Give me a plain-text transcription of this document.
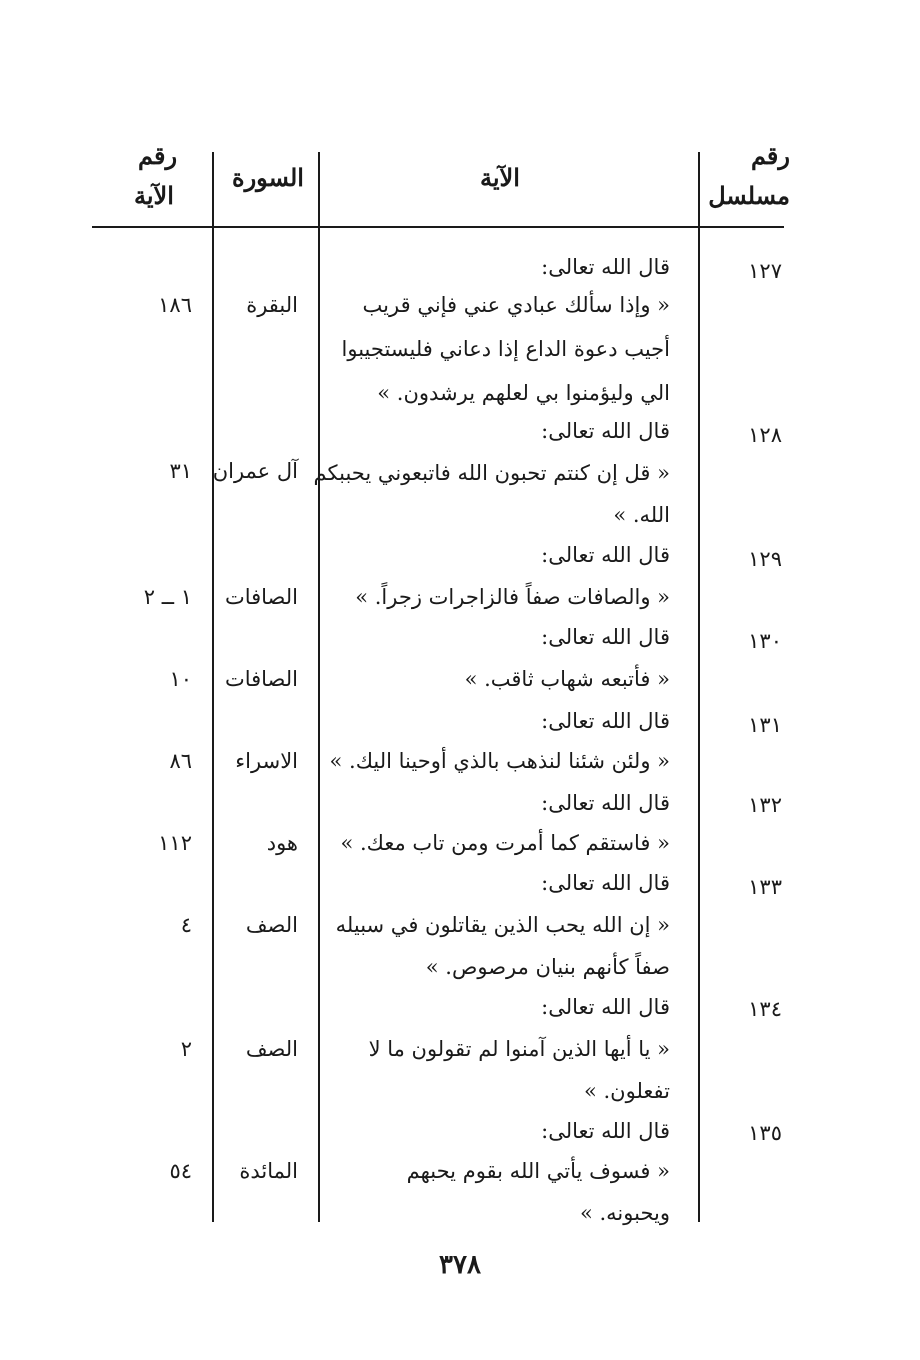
رقم
مسلسل
الآية
السورة
رقم
الآية
١٢٧
قال الله تعالى:
« وإذا سألك عبادي عني فإني قريب
أجيب دعوة الداع إذا دعاني فليستجيبوا
الي وليؤمنوا بي لعلهم يرشدون. »
البقرة
١٨٦
١٢٨
قال الله تعالى:
« قل إن كنتم تحبون الله فاتبعوني يحببكم
الله. »
آل عمران
٣١
١٢٩
قال الله تعالى:
« والصافات صفاً فالزاجرات زجراً. »
الصافات
١ ــ ٢
١٣٠
قال الله تعالى:
« فأتبعه شهاب ثاقب. »
الصافات
١٠
١٣١
قال الله تعالى:
« ولئن شئنا لنذهب بالذي أوحينا اليك. »
الاسراء
٨٦
١٣٢
قال الله تعالى:
« فاستقم كما أمرت ومن تاب معك. »
هود
١١٢
١٣٣
قال الله تعالى:
« إن الله يحب الذين يقاتلون في سبيله
صفاً كأنهم بنيان مرصوص. »
الصف
٤
١٣٤
قال الله تعالى:
« يا أيها الذين آمنوا لم تقولون ما لا
تفعلون. »
الصف
٢
١٣٥
قال الله تعالى:
« فسوف يأتي الله بقوم يحبهم
ويحبونه. »
المائدة
٥٤
٣٧٨
